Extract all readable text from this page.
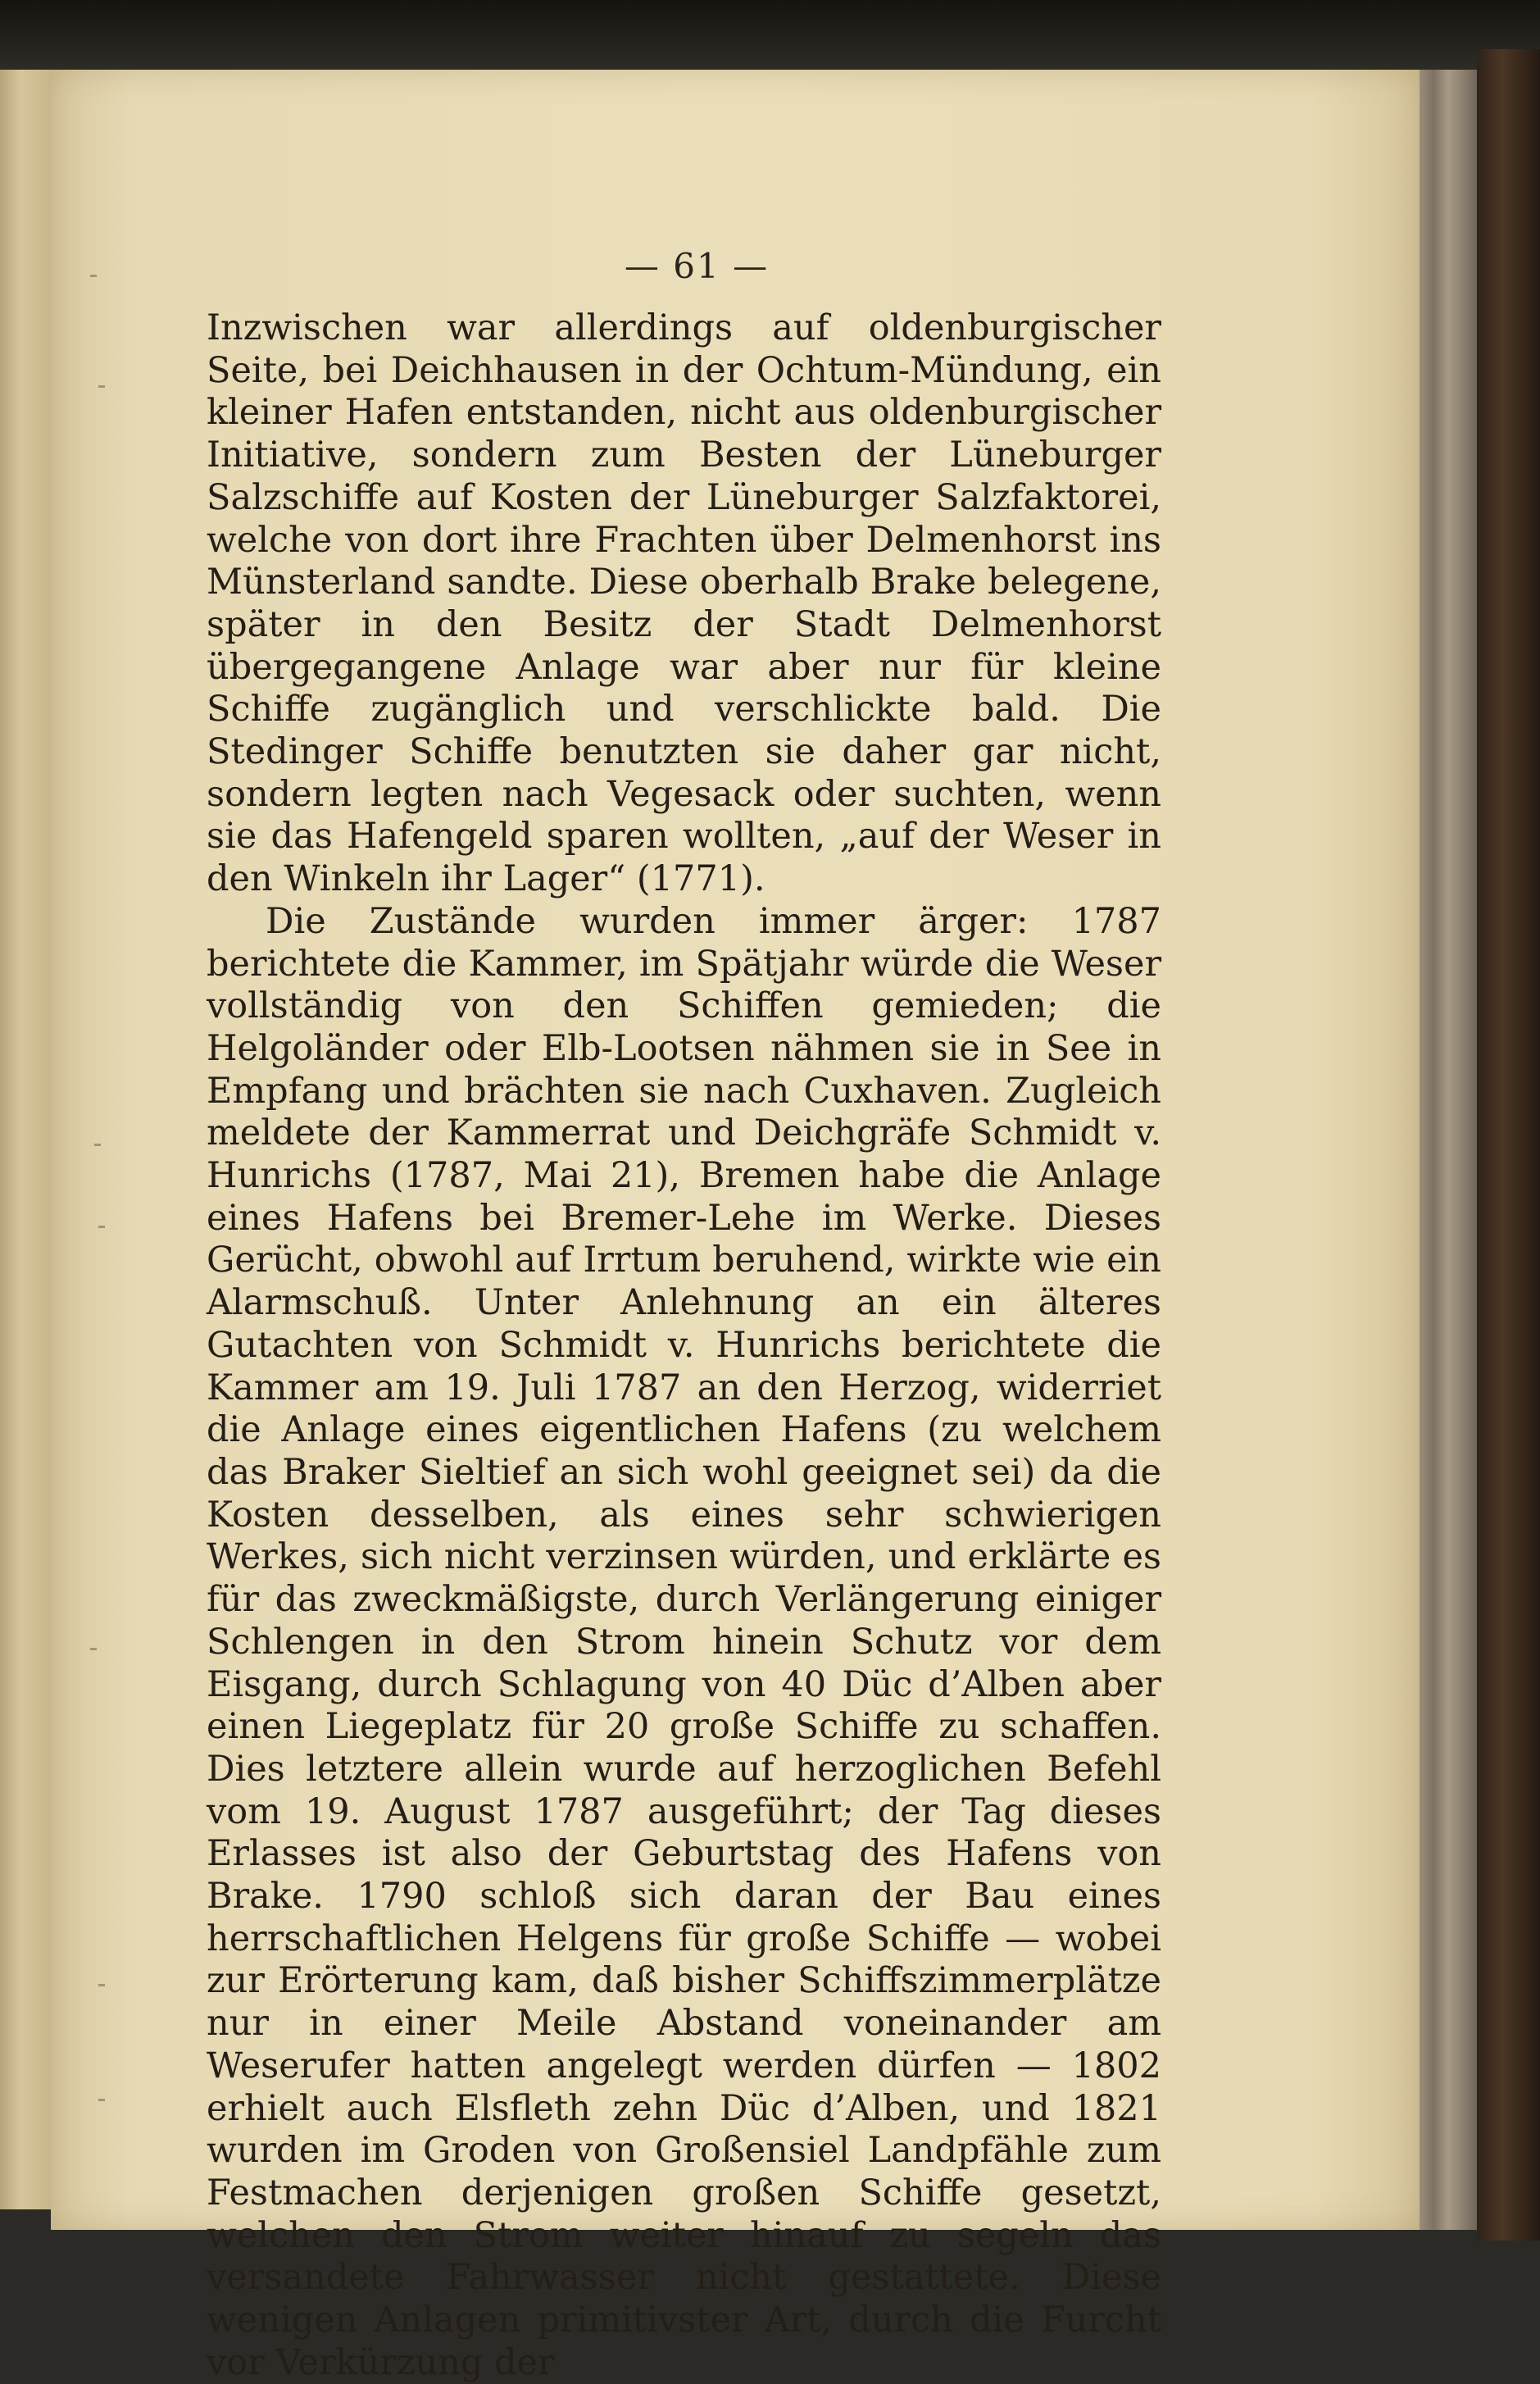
— 61 —

Inzwischen war allerdings auf oldenburgischer Seite, bei Deichhausen in der Ochtum-Mündung, ein kleiner Hafen entstanden, nicht aus oldenburgischer Initiative, sondern zum Besten der Lüneburger Salzschiffe auf Kosten der Lüneburger Salzfaktorei, welche von dort ihre Frachten über Delmenhorst ins Münsterland sandte. Diese oberhalb Brake belegene, später in den Besitz der Stadt Delmenhorst übergegangene Anlage war aber nur für kleine Schiffe zugänglich und verschlickte bald. Die Stedinger Schiffe benutzten sie daher gar nicht, sondern legten nach Vegesack oder suchten, wenn sie das Hafengeld sparen wollten, „auf der Weser in den Winkeln ihr Lager“ (1771).

Die Zustände wurden immer ärger: 1787 berichtete die Kammer, im Spätjahr würde die Weser vollständig von den Schiffen gemieden; die Helgoländer oder Elb-Lootsen nähmen sie in See in Empfang und brächten sie nach Cuxhaven. Zugleich meldete der Kammerrat und Deichgräfe Schmidt v. Hunrichs (1787, Mai 21), Bremen habe die Anlage eines Hafens bei Bremer-Lehe im Werke. Dieses Gerücht, obwohl auf Irrtum beruhend, wirkte wie ein Alarmschuß. Unter Anlehnung an ein älteres Gutachten von Schmidt v. Hunrichs berichtete die Kammer am 19. Juli 1787 an den Herzog, widerriet die Anlage eines eigentlichen Hafens (zu welchem das Braker Sieltief an sich wohl geeignet sei) da die Kosten desselben, als eines sehr schwierigen Werkes, sich nicht verzinsen würden, und erklärte es für das zweckmäßigste, durch Verlängerung einiger Schlengen in den Strom hinein Schutz vor dem Eisgang, durch Schlagung von 40 Düc d’Alben aber einen Liegeplatz für 20 große Schiffe zu schaffen. Dies letztere allein wurde auf herzoglichen Befehl vom 19. August 1787 ausgeführt; der Tag dieses Erlasses ist also der Geburtstag des Hafens von Brake. 1790 schloß sich daran der Bau eines herrschaftlichen Helgens für große Schiffe — wobei zur Erörterung kam, daß bisher Schiffszimmerplätze nur in einer Meile Abstand voneinander am Weserufer hatten angelegt werden dürfen — 1802 erhielt auch Elsfleth zehn Düc d’Alben, und 1821 wurden im Groden von Großensiel Landpfähle zum Festmachen derjenigen großen Schiffe gesetzt, welchen den Strom weiter hinauf zu segeln das versandete Fahrwasser nicht gestattete. Diese wenigen Anlagen primitivster Art, durch die Furcht vor Verkürzung der
